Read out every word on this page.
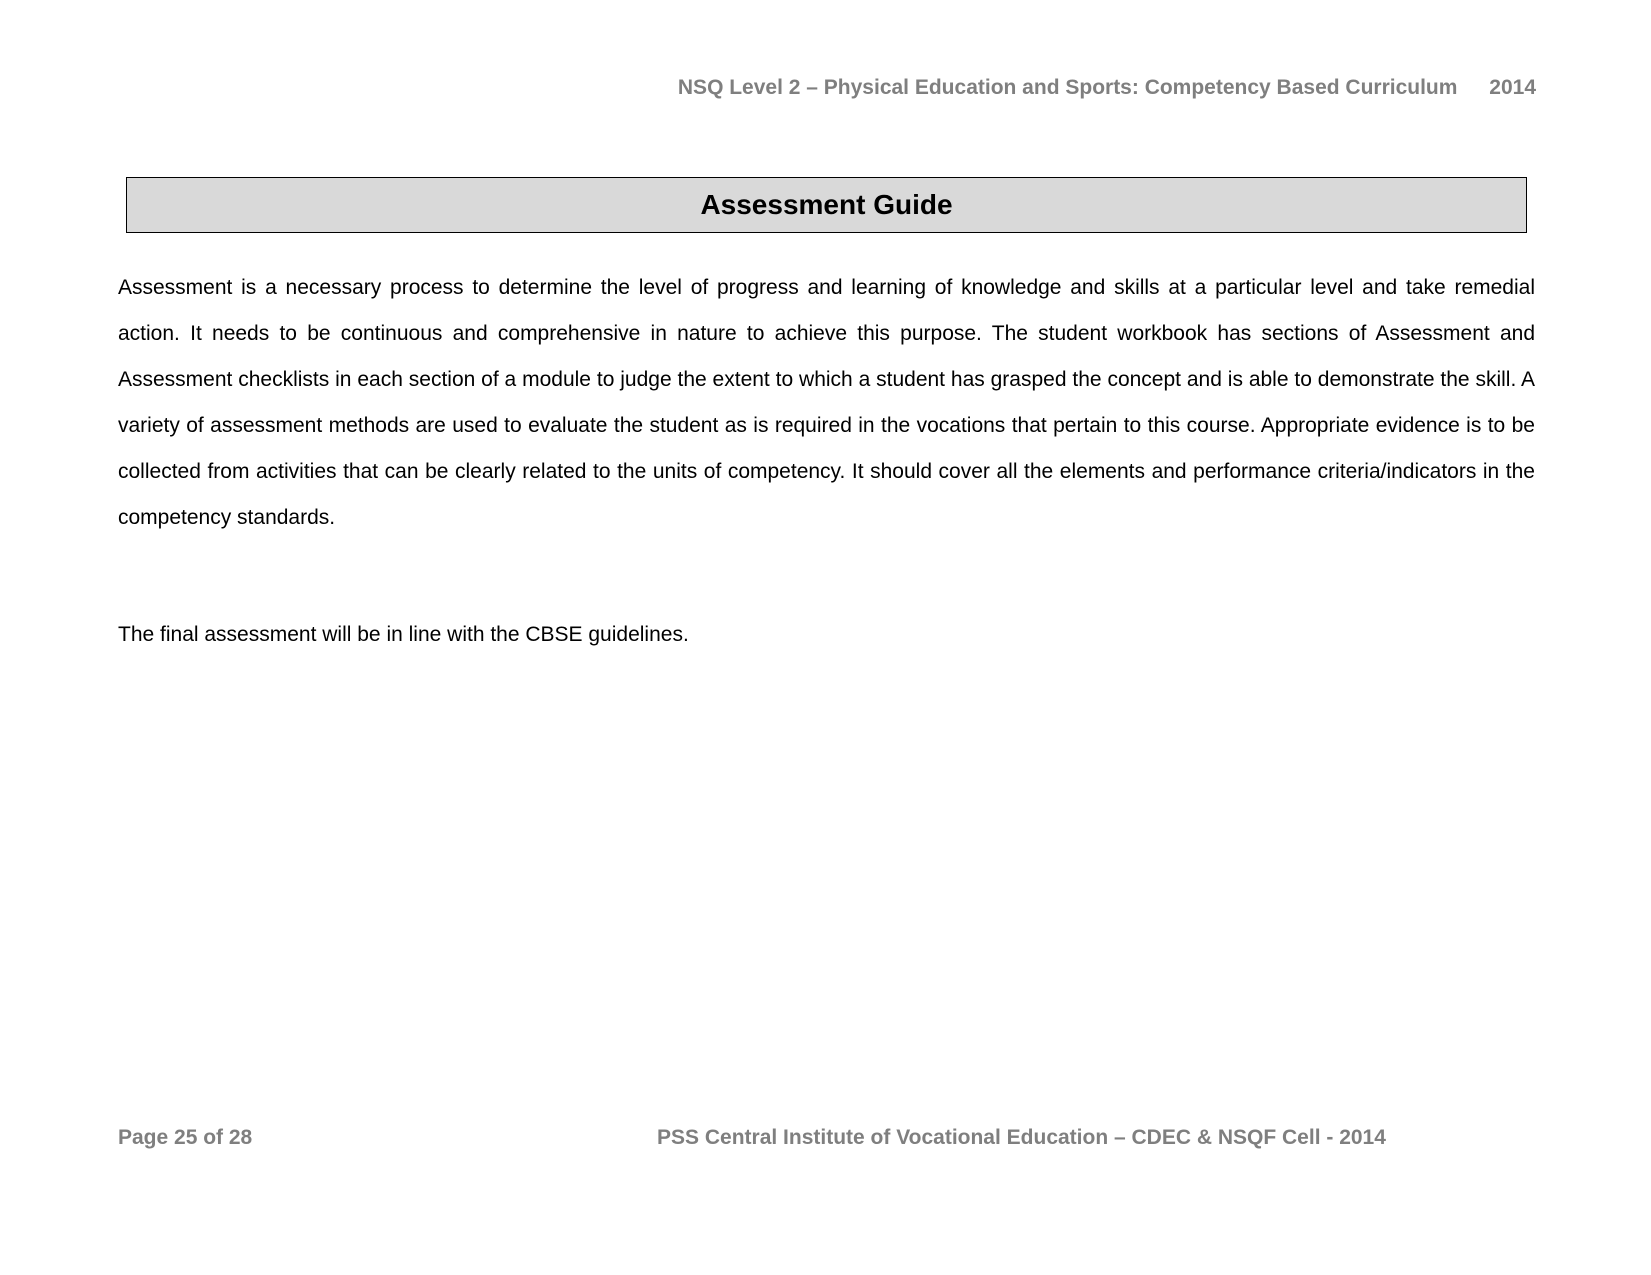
NSQ Level 2 – Physical Education and Sports: Competency Based Curriculum 2014
Assessment Guide

Assessment is a necessary process to determine the level of progress and learning of knowledge and skills at a particular level and take remedial action. It needs to be continuous and comprehensive in nature to achieve this purpose. The student workbook has sections of Assessment and Assessment checklists in each section of a module to judge the extent to which a student has grasped the concept and is able to demonstrate the skill. A variety of assessment methods are used to evaluate the student as is required in the vocations that pertain to this course. Appropriate evidence is to be collected from activities that can be clearly related to the units of competency. It should cover all the elements and performance criteria/indicators in the competency standards.

The final assessment will be in line with the CBSE guidelines.

Page 25 of 28	PSS Central Institute of Vocational Education – CDEC & NSQF Cell - 2014
